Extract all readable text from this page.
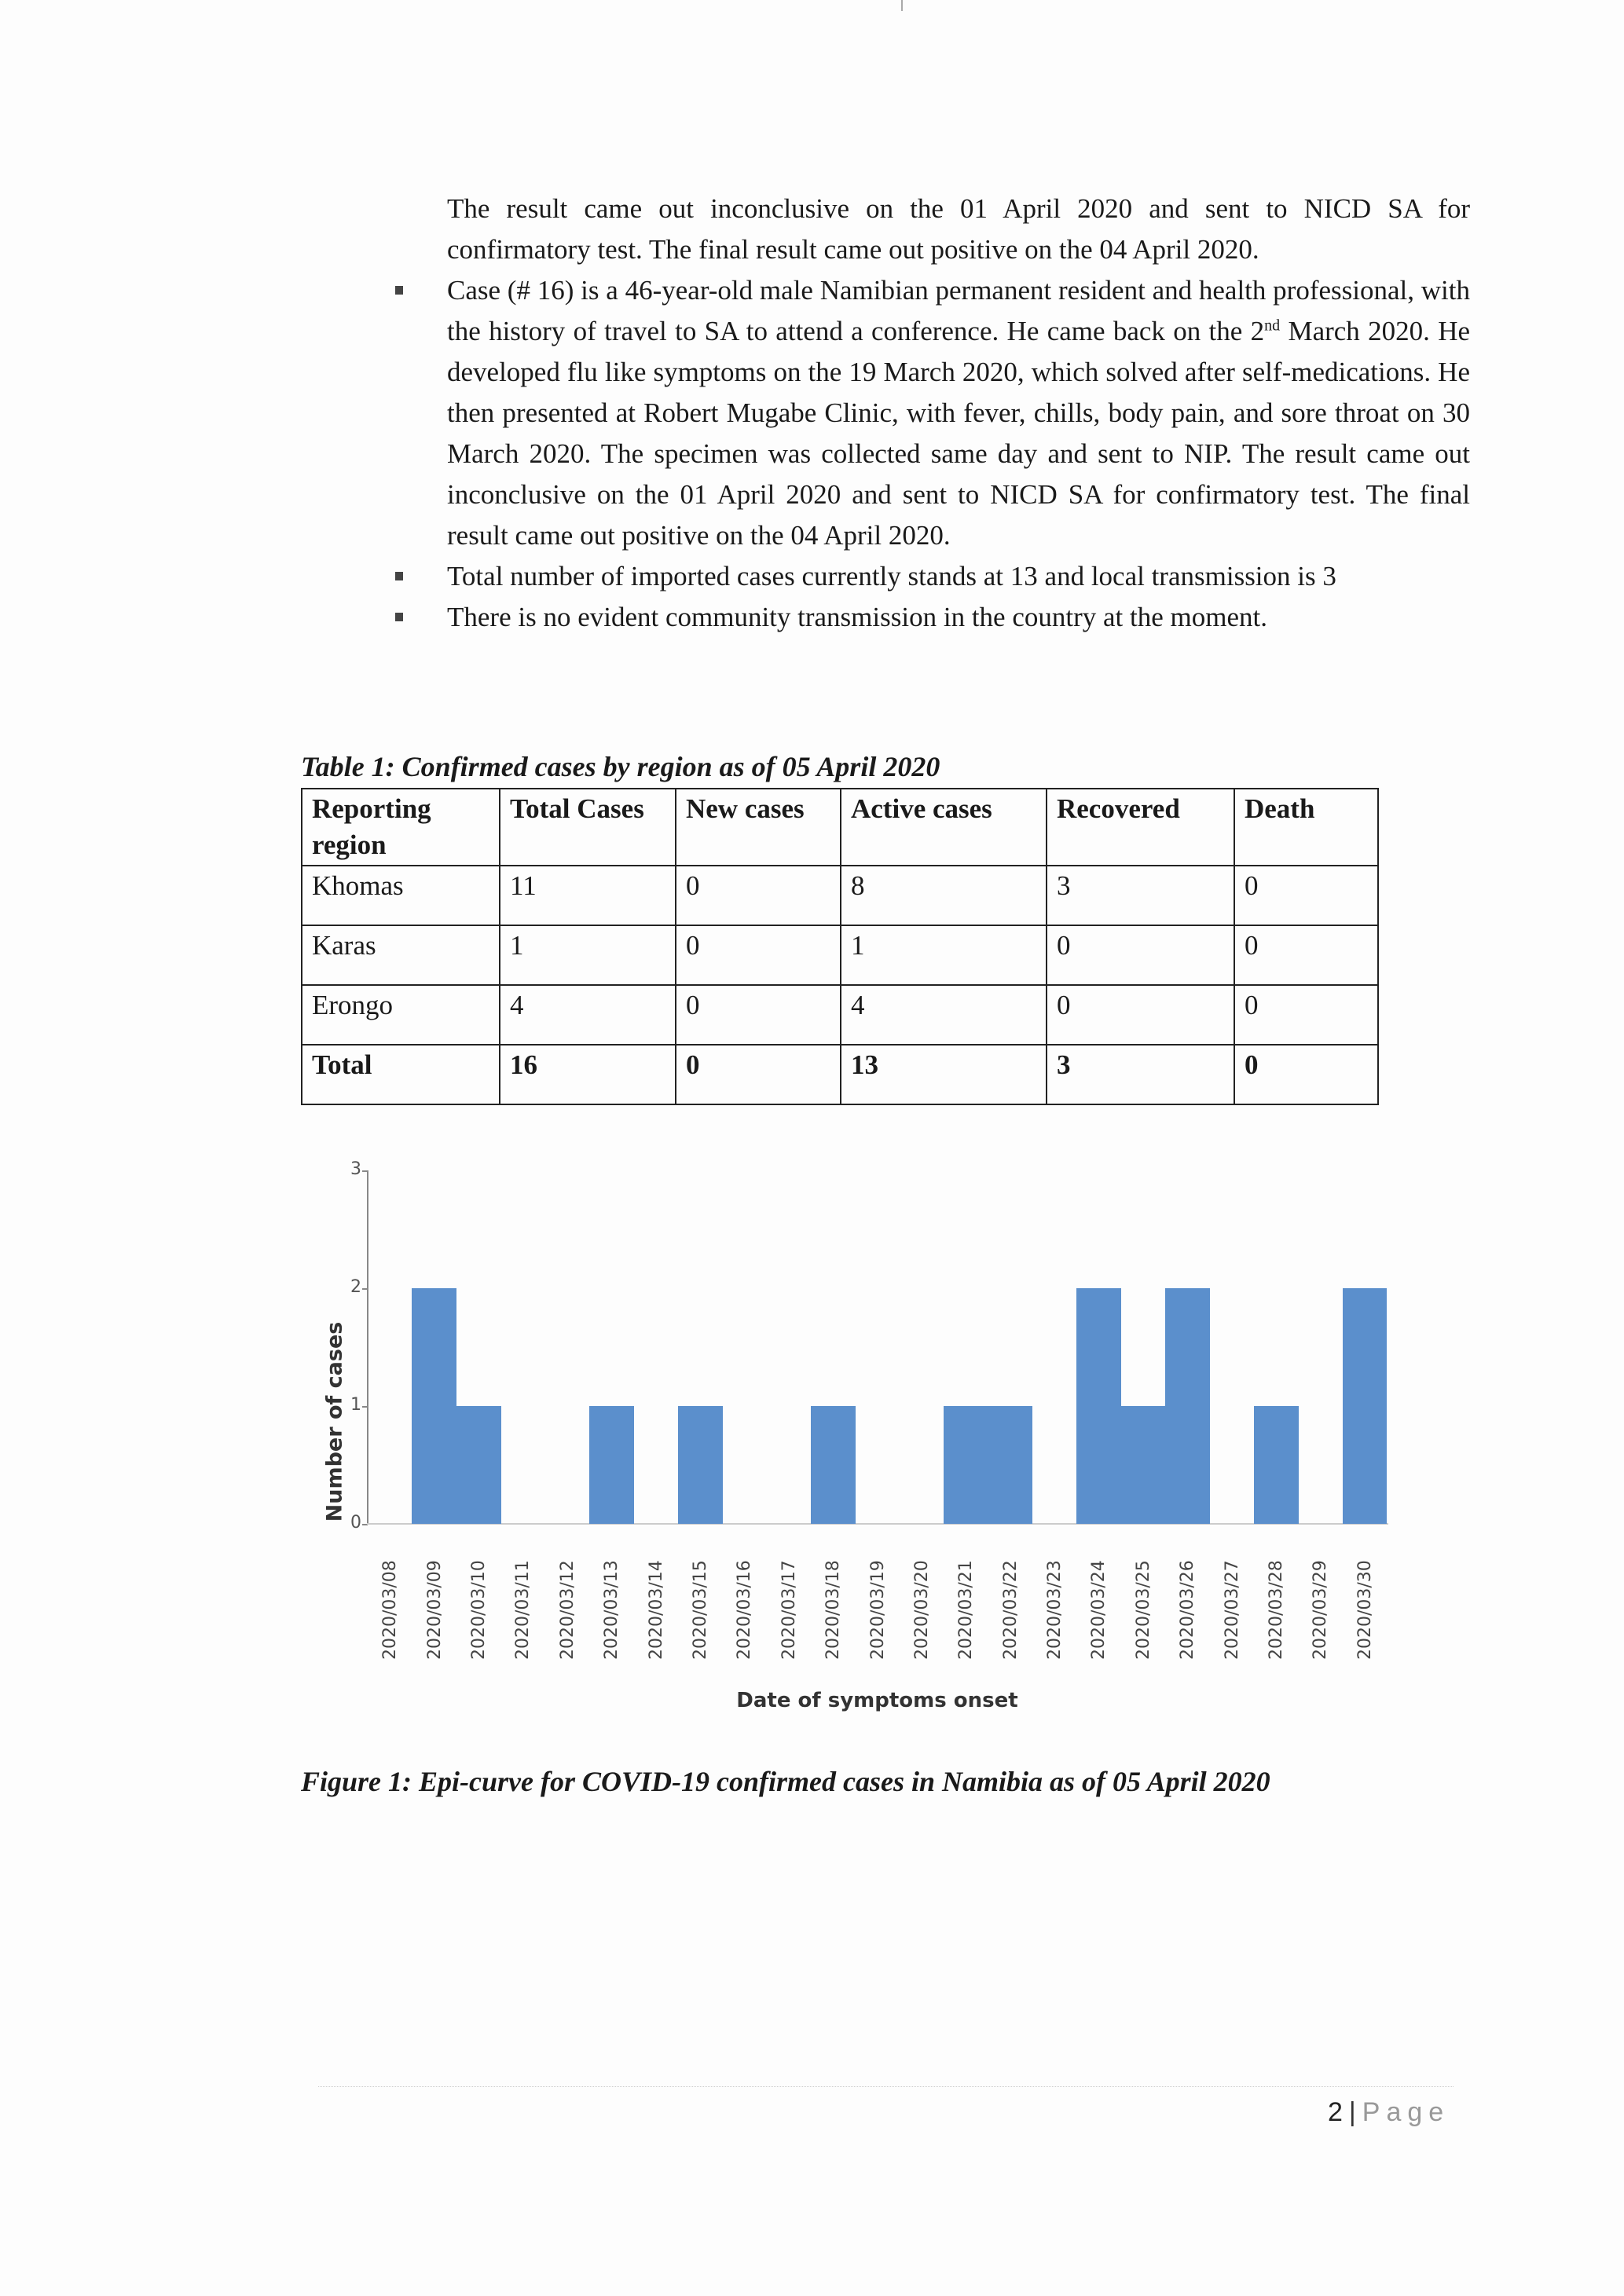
The result came out inconclusive on the 01 April 2020 and sent to NICD SA for confirmatory test. The final result came out positive on the 04 April 2020.

Case (# 16) is a 46-year-old male Namibian permanent resident and health professional, with the history of travel to SA to attend a conference. He came back on the 2nd March 2020. He developed flu like symptoms on the 19 March 2020, which solved after self-medications. He then presented at Robert Mugabe Clinic, with fever, chills, body pain, and sore throat on 30 March 2020. The specimen was collected same day and sent to NIP. The result came out inconclusive on the 01 April 2020 and sent to NICD SA for confirmatory test. The final result came out positive on the 04 April 2020.
Total number of imported cases currently stands at 13 and local transmission is 3
There is no evident community transmission in the country at the moment.
Table 1: Confirmed cases by region as of 05 April 2020
Reporting region	Total Cases	New cases	Active cases	Recovered	Death
Khomas	11	0	8	3	0
Karas	1	0	1	0	0
Erongo	4	0	4	0	0
Total	16	0	13	3	0
Number of cases
0
1
2
3
2020/03/08 2020/03/09 2020/03/10 2020/03/11 2020/03/12 2020/03/13 2020/03/14 2020/03/15 2020/03/16 2020/03/17 2020/03/18 2020/03/19 2020/03/20 2020/03/21 2020/03/22 2020/03/23 2020/03/24 2020/03/25 2020/03/26 2020/03/27 2020/03/28 2020/03/29 2020/03/30
Date of symptoms onset
Figure 1: Epi-curve for COVID-19 confirmed cases in Namibia as of 05 April 2020
2 | Page
